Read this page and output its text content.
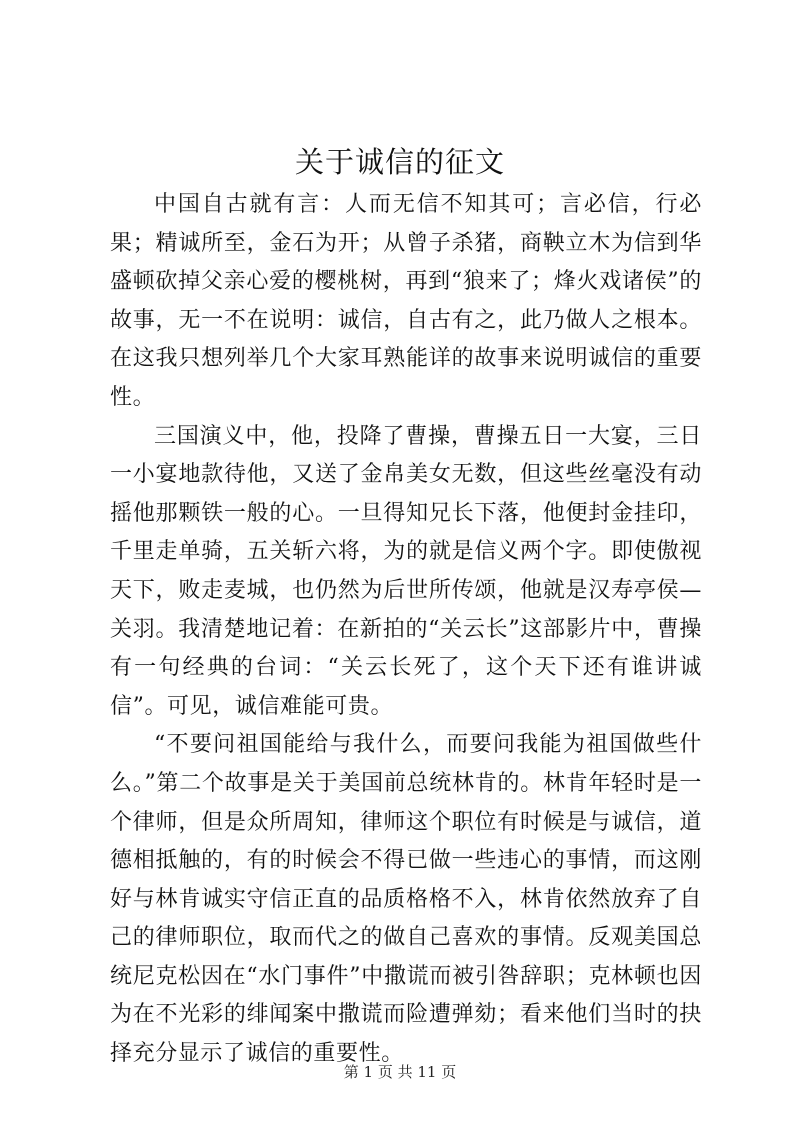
关于诚信的征文

中国自古就有言：人而无信不知其可；言必信，行必果；精诚所至，金石为开；从曾子杀猪，商鞅立木为信到华盛顿砍掉父亲心爱的樱桃树，再到“狼来了；烽火戏诸侯”的故事，无一不在说明：诚信，自古有之，此乃做人之根本。在这我只想列举几个大家耳熟能详的故事来说明诚信的重要性。

三国演义中，他，投降了曹操，曹操五日一大宴，三日一小宴地款待他，又送了金帛美女无数，但这些丝毫没有动摇他那颗铁一般的心。一旦得知兄长下落，他便封金挂印，千里走单骑，五关斩六将，为的就是信义两个字。即使傲视天下，败走麦城，也仍然为后世所传颂，他就是汉寿亭侯—关羽。我清楚地记着：在新拍的“关云长”这部影片中，曹操有一句经典的台词：“关云长死了，这个天下还有谁讲诚信”。可见，诚信难能可贵。

“不要问祖国能给与我什么，而要问我能为祖国做些什么。”第二个故事是关于美国前总统林肯的。林肯年轻时是一个律师，但是众所周知，律师这个职位有时候是与诚信，道德相抵触的，有的时候会不得已做一些违心的事情，而这刚好与林肯诚实守信正直的品质格格不入，林肯依然放弃了自己的律师职位，取而代之的做自己喜欢的事情。反观美国总统尼克松因在“水门事件”中撒谎而被引咎辞职；克林顿也因为在不光彩的绯闻案中撒谎而险遭弹劾；看来他们当时的抉择充分显示了诚信的重要性。

第 1 页 共 11 页
